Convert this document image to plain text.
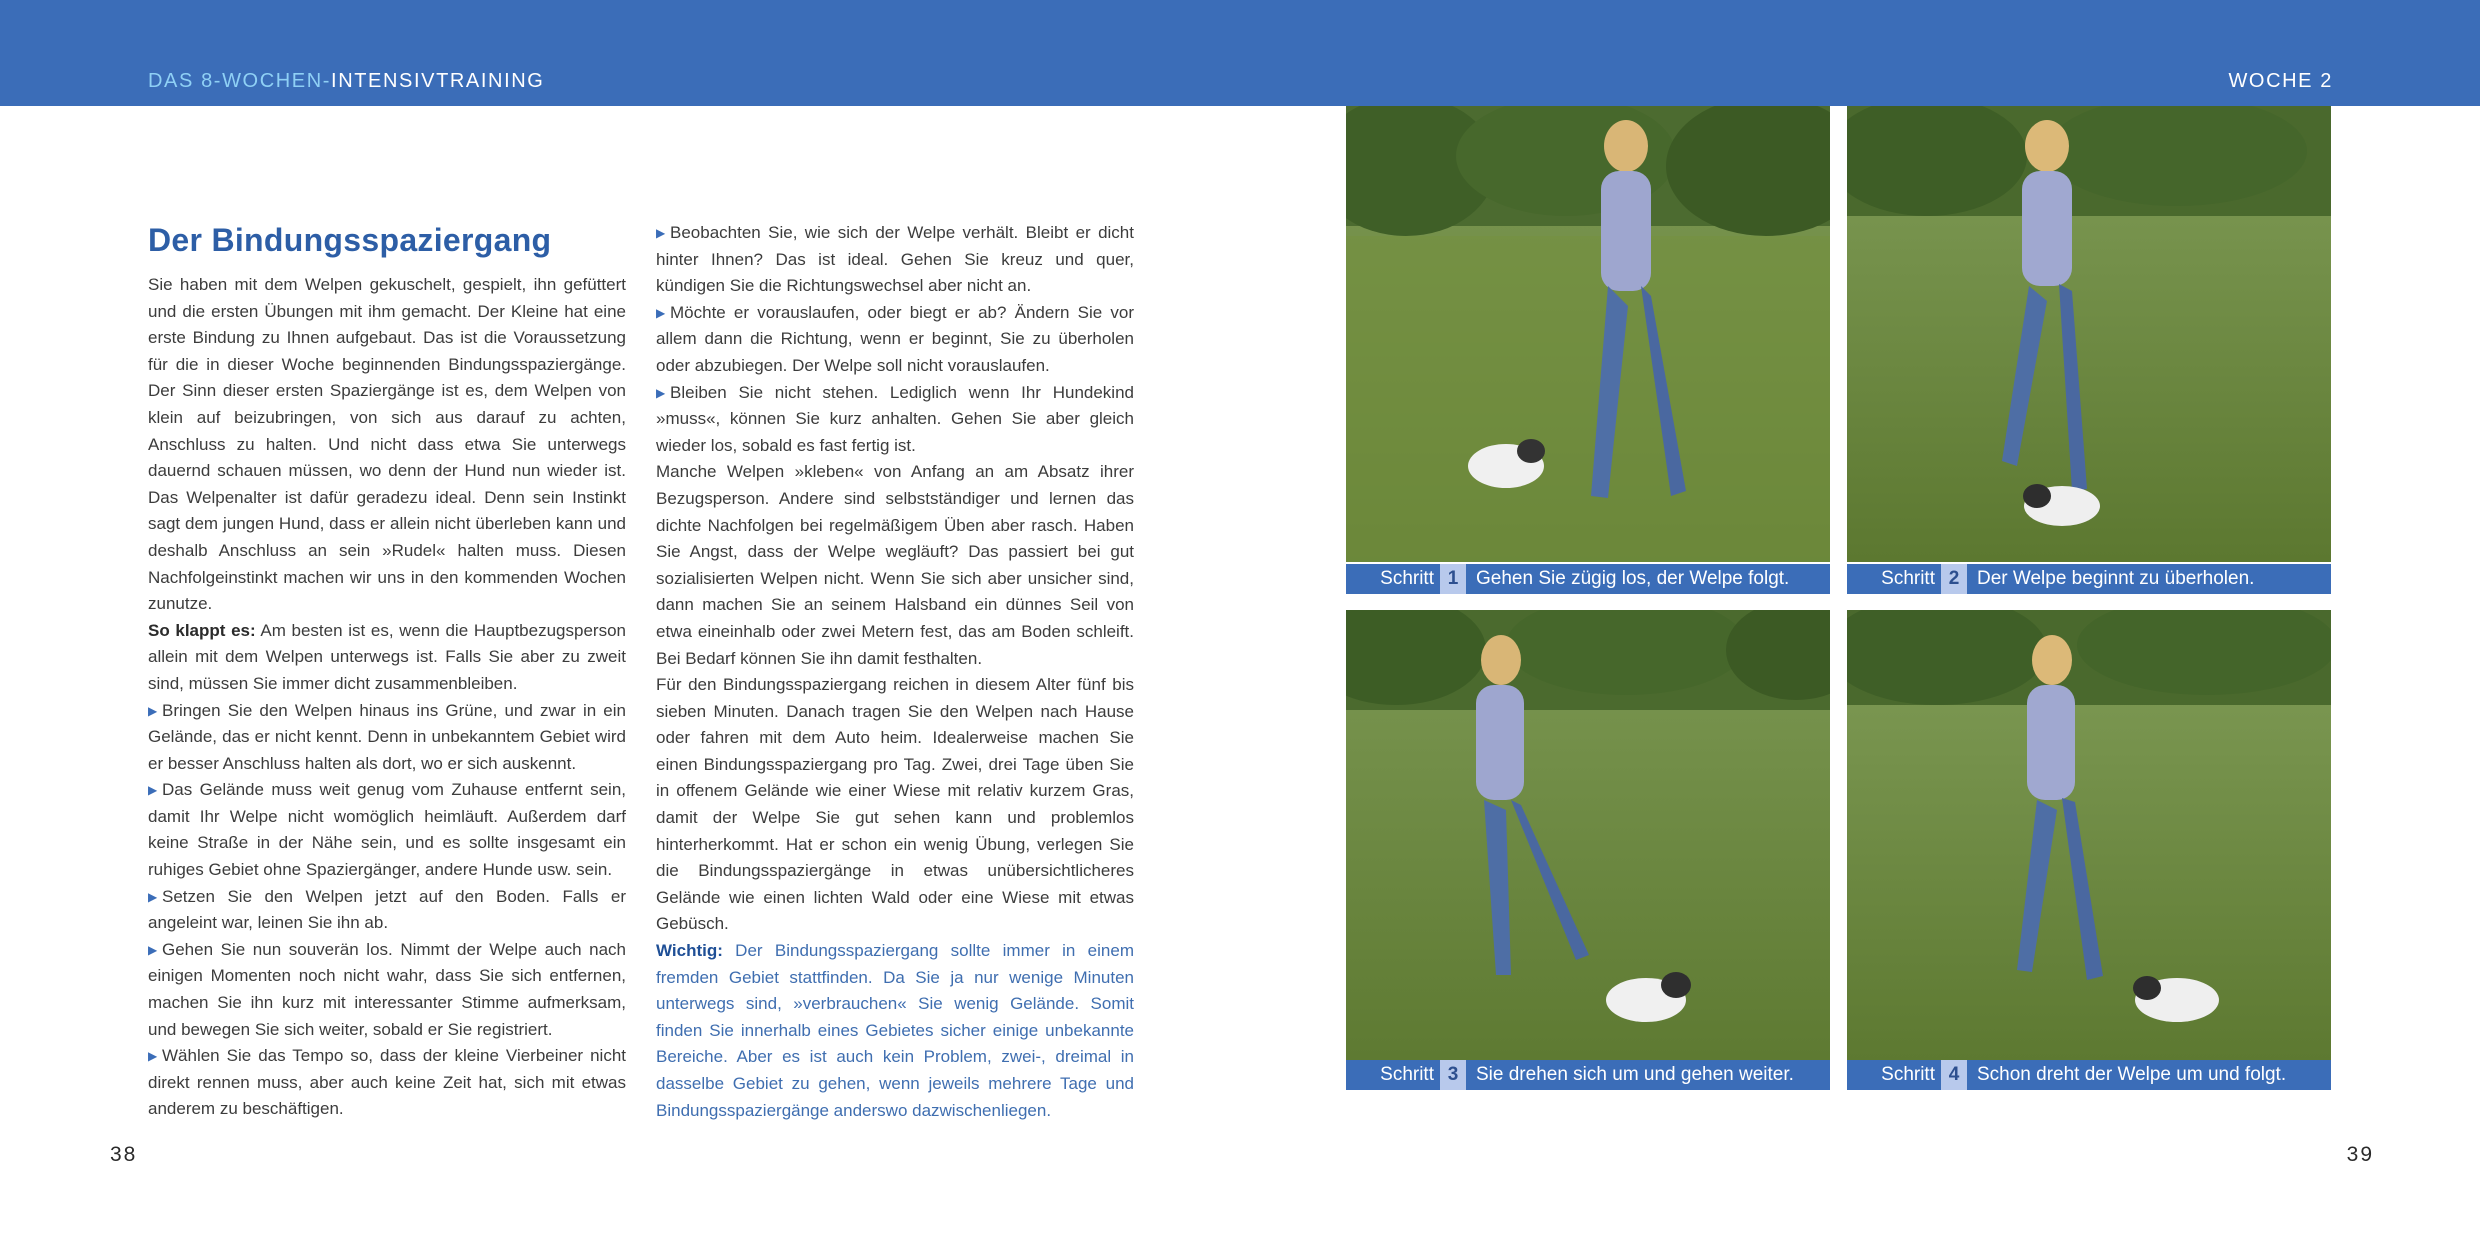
DAS 8-WOCHEN-INTENSIVTRAINING	WOCHE 2
Der Bindungsspaziergang

Sie haben mit dem Welpen gekuschelt, gespielt, ihn gefüttert und die ersten Übungen mit ihm gemacht. Der Kleine hat eine erste Bindung zu Ihnen aufgebaut. Das ist die Voraussetzung für die in dieser Woche beginnenden Bindungsspaziergänge. Der Sinn dieser ersten Spaziergänge ist es, dem Welpen von klein auf beizubringen, von sich aus darauf zu achten, Anschluss zu halten. Und nicht dass etwa Sie unterwegs dauernd schauen müssen, wo denn der Hund nun wieder ist. Das Welpenalter ist dafür geradezu ideal. Denn sein Instinkt sagt dem jungen Hund, dass er allein nicht überleben kann und deshalb Anschluss an sein »Rudel« halten muss. Diesen Nachfolgeinstinkt machen wir uns in den kommenden Wochen zunutze.

So klappt es: Am besten ist es, wenn die Hauptbezugsperson allein mit dem Welpen unterwegs ist. Falls Sie aber zu zweit sind, müssen Sie immer dicht zusammenbleiben.

▶ Bringen Sie den Welpen hinaus ins Grüne, und zwar in ein Gelände, das er nicht kennt. Denn in unbekanntem Gebiet wird er besser Anschluss halten als dort, wo er sich auskennt.

▶ Das Gelände muss weit genug vom Zuhause entfernt sein, damit Ihr Welpe nicht womöglich heimläuft. Außerdem darf keine Straße in der Nähe sein, und es sollte insgesamt ein ruhiges Gebiet ohne Spaziergänger, andere Hunde usw. sein.

▶ Setzen Sie den Welpen jetzt auf den Boden. Falls er angeleint war, leinen Sie ihn ab.

▶ Gehen Sie nun souverän los. Nimmt der Welpe auch nach einigen Momenten noch nicht wahr, dass Sie sich entfernen, machen Sie ihn kurz mit interessanter Stimme aufmerksam, und bewegen Sie sich weiter, sobald er Sie registriert.

▶ Wählen Sie das Tempo so, dass der kleine Vierbeiner nicht direkt rennen muss, aber auch keine Zeit hat, sich mit etwas anderem zu beschäftigen.

▶ Beobachten Sie, wie sich der Welpe verhält. Bleibt er dicht hinter Ihnen? Das ist ideal. Gehen Sie kreuz und quer, kündigen Sie die Richtungswechsel aber nicht an.

▶ Möchte er vorauslaufen, oder biegt er ab? Ändern Sie vor allem dann die Richtung, wenn er beginnt, Sie zu überholen oder abzubiegen. Der Welpe soll nicht vorauslaufen.

▶ Bleiben Sie nicht stehen. Lediglich wenn Ihr Hundekind »muss«, können Sie kurz anhalten. Gehen Sie aber gleich wieder los, sobald es fast fertig ist.

Manche Welpen »kleben« von Anfang an am Absatz ihrer Bezugsperson. Andere sind selbstständiger und lernen das dichte Nachfolgen bei regelmäßigem Üben aber rasch. Haben Sie Angst, dass der Welpe wegläuft? Das passiert bei gut sozialisierten Welpen nicht. Wenn Sie sich aber unsicher sind, dann machen Sie an seinem Halsband ein dünnes Seil von etwa eineinhalb oder zwei Metern fest, das am Boden schleift. Bei Bedarf können Sie ihn damit festhalten.

Für den Bindungsspaziergang reichen in diesem Alter fünf bis sieben Minuten. Danach tragen Sie den Welpen nach Hause oder fahren mit dem Auto heim. Idealerweise machen Sie einen Bindungsspaziergang pro Tag. Zwei, drei Tage üben Sie in offenem Gelände wie einer Wiese mit relativ kurzem Gras, damit der Welpe Sie gut sehen kann und problemlos hinterherkommt. Hat er schon ein wenig Übung, verlegen Sie die Bindungsspaziergänge in etwas unübersichtlicheres Gelände wie einen lichten Wald oder eine Wiese mit etwas Gebüsch.

Wichtig: Der Bindungsspaziergang sollte immer in einem fremden Gebiet stattfinden. Da Sie ja nur wenige Minuten unterwegs sind, »verbrauchen« Sie wenig Gelände. Somit finden Sie innerhalb eines Gebietes sicher einige unbekannte Bereiche. Aber es ist auch kein Problem, zwei-, dreimal in dasselbe Gebiet zu gehen, wenn jeweils mehrere Tage und Bindungsspaziergänge anderswo dazwischenliegen.

Schritt 1 Gehen Sie zügig los, der Welpe folgt.	Schritt 2 Der Welpe beginnt zu überholen.
Schritt 3 Sie drehen sich um und gehen weiter.	Schritt 4 Schon dreht der Welpe um und folgt.
38	39
